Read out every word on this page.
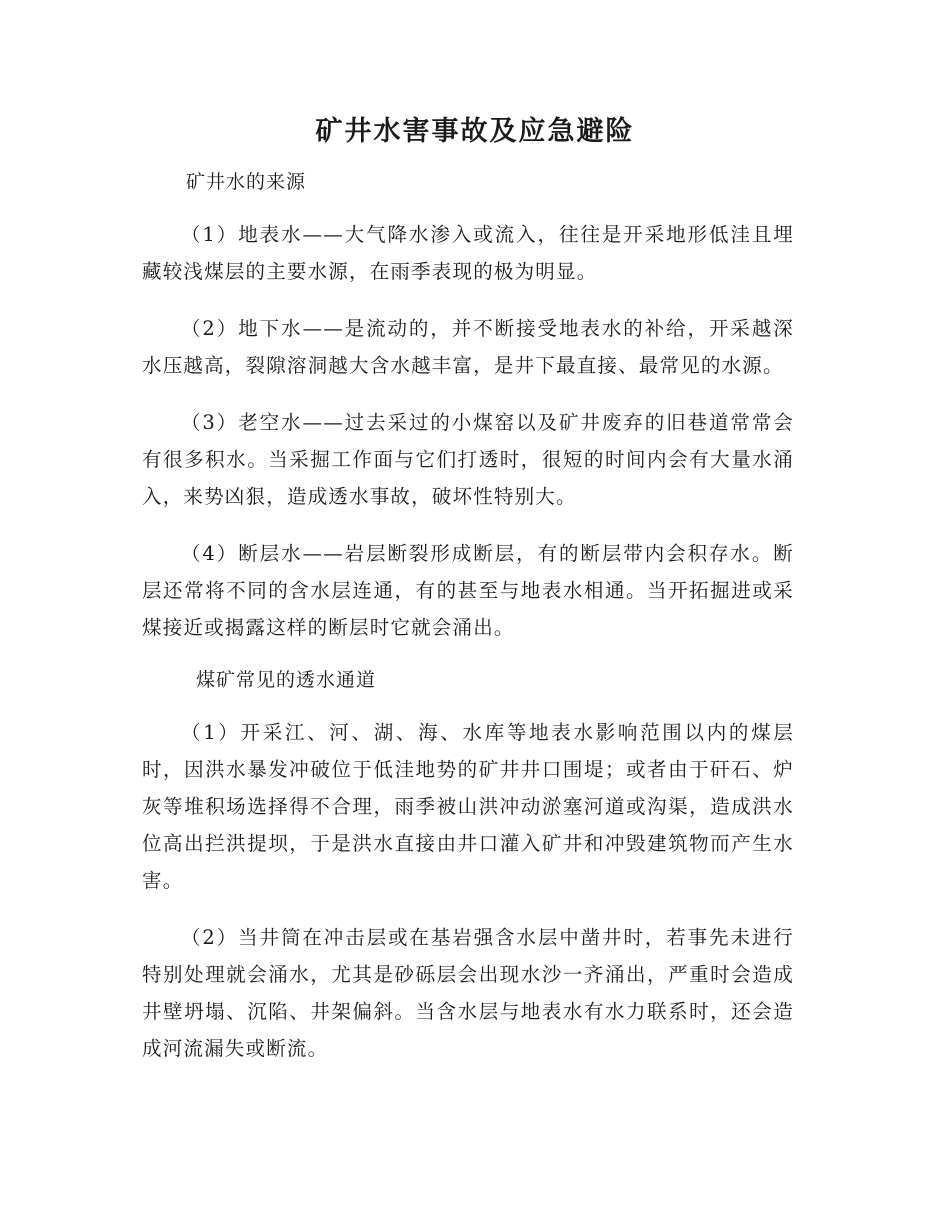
矿井水害事故及应急避险

矿井水的来源

（1）地表水——大气降水渗入或流入，往往是开采地形低洼且埋藏较浅煤层的主要水源，在雨季表现的极为明显。

（2）地下水——是流动的，并不断接受地表水的补给，开采越深水压越高，裂隙溶洞越大含水越丰富，是井下最直接、最常见的水源。

（3）老空水——过去采过的小煤窑以及矿井废弃的旧巷道常常会有很多积水。当采掘工作面与它们打透时，很短的时间内会有大量水涌入，来势凶狠，造成透水事故，破坏性特别大。

（4）断层水——岩层断裂形成断层，有的断层带内会积存水。断层还常将不同的含水层连通，有的甚至与地表水相通。当开拓掘进或采煤接近或揭露这样的断层时它就会涌出。

煤矿常见的透水通道

（1）开采江、河、湖、海、水库等地表水影响范围以内的煤层时，因洪水暴发冲破位于低洼地势的矿井井口围堤；或者由于矸石、炉灰等堆积场选择得不合理，雨季被山洪冲动淤塞河道或沟渠，造成洪水位高出拦洪提坝，于是洪水直接由井口灌入矿井和冲毁建筑物而产生水害。

（2）当井筒在冲击层或在基岩强含水层中凿井时，若事先未进行特别处理就会涌水，尤其是砂砾层会出现水沙一齐涌出，严重时会造成井壁坍塌、沉陷、井架偏斜。当含水层与地表水有水力联系时，还会造成河流漏失或断流。
